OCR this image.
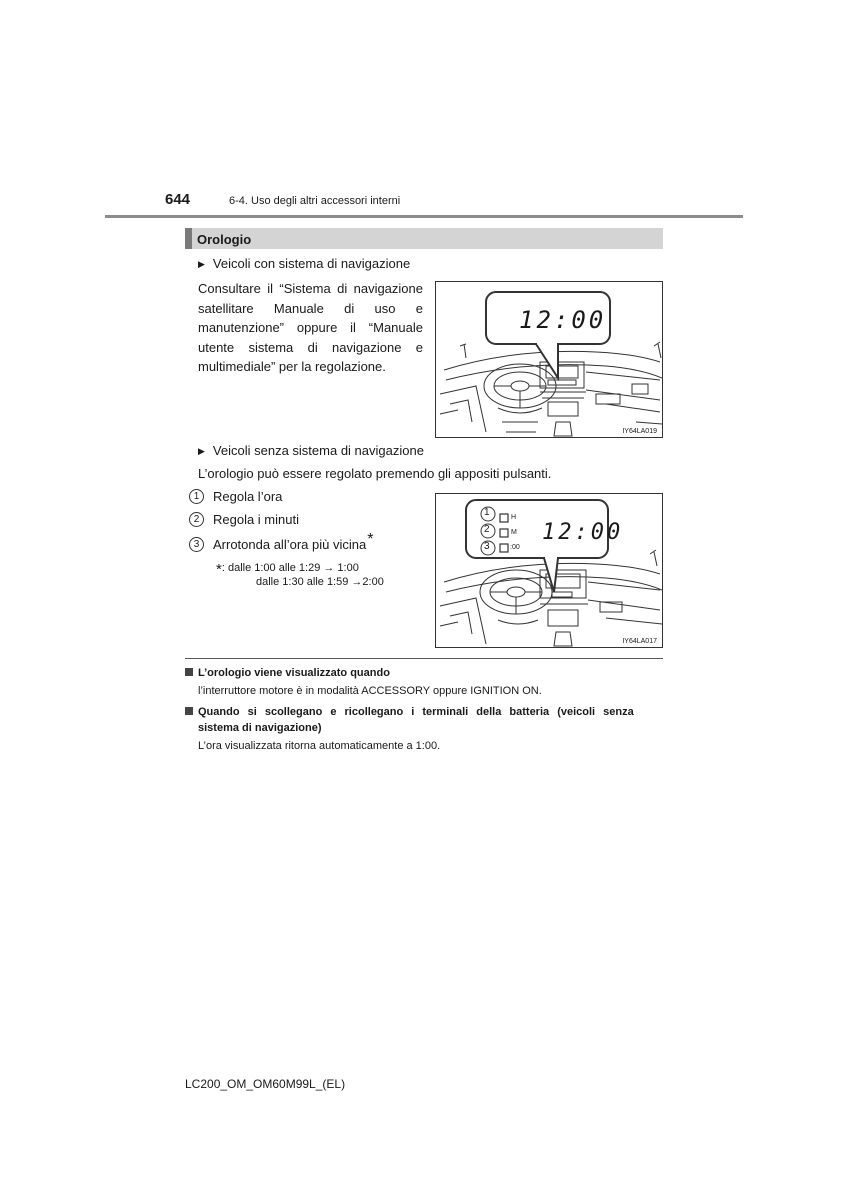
644	6-4. Uso degli altri accessori interni
Orologio
▶ Veicoli con sistema di navigazione
Consultare il “Sistema di navigazione satellitare Manuale di uso e manutenzione” oppure il “Manuale utente sistema di navigazione e multimediale” per la regolazione.
12:00
IY64LA019
▶ Veicoli senza sistema di navigazione
L’orologio può essere regolato premendo gli appositi pulsanti.
1	Regola l’ora
2	Regola i minuti
3	Arrotonda all’ora più vicina *
*: dalle 1:00 alle 1:29 → 1:00
dalle 1:30 alle 1:59 →2:00
1
2
3
H
M
:00
12:00
IY64LA017
L’orologio viene visualizzato quando
l’interruttore motore è in modalità ACCESSORY oppure IGNITION ON.
Quando si scollegano e ricollegano i terminali della batteria (veicoli senza
sistema di navigazione)
L’ora visualizzata ritorna automaticamente a 1:00.
LC200_OM_OM60M99L_(EL)
